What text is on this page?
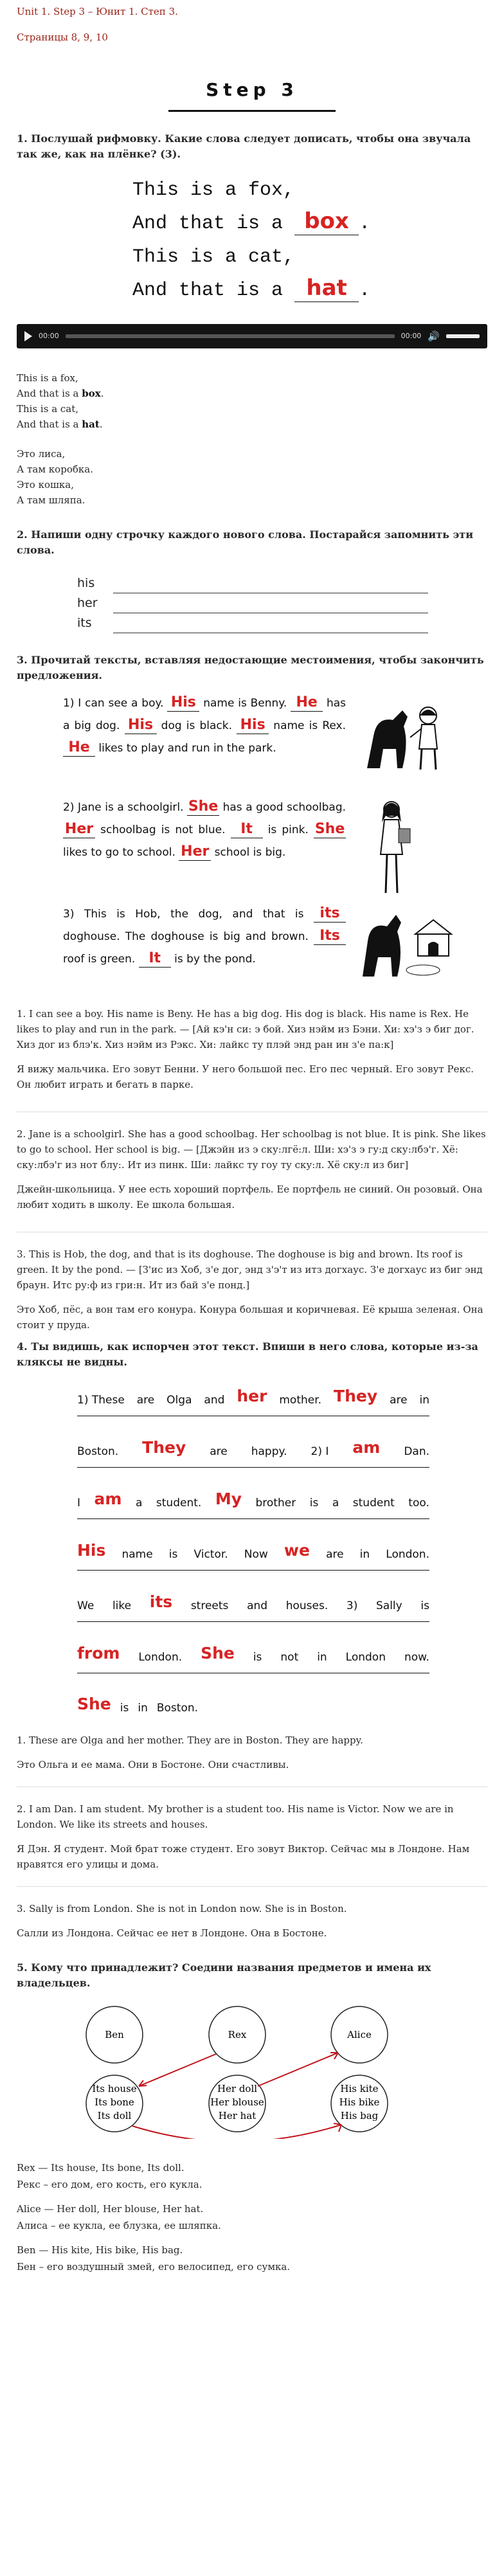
Unit 1. Step 3 – Юнит 1. Степ 3.
Страницы 8, 9, 10
Step 3
1. Послушай рифмовку. Какие слова следует дописать, чтобы она звучала так же, как на плёнке? (3).
This is a fox,
And that is a box .
This is a cat,
And that is a hat .
00:00	00:00 🔊
This is a fox,
And that is a box.
This is a cat,
And that is a hat.
Это лиса,
А там коробка.
Это кошка,
А там шляпа.
2. Напиши одну строчку каждого нового слова. Постарайся запомнить эти слова.
his
her
its
3. Прочитай тексты, вставляя недостающие местоимения, чтобы закончить предложения.
1) I can see a boy. His name is Benny. He has a big dog. His dog is black. His name is Rex. He likes to play and run in the park.
2) Jane is a schoolgirl. She has a good schoolbag. Her schoolbag is not blue. It is pink. She likes to go to school. Her school is big.
3) This is Hob, the dog, and that is its doghouse. The doghouse is big and brown. Its roof is green. It is by the pond.

1. I can see a boy. His name is Beny. He has a big dog. His dog is black. His name is Rex. He likes to play and run in the park. — [Ай кэ'н си: э бой. Хиз нэйм из Бэни. Хи: хэ'з э биг дог. Хиз дог из блэ'к. Хиз нэйм из Рэкс. Хи: лайкс ту плэй энд ран ин з'е па:к]

Я вижу мальчика. Его зовут Бенни. У него большой пес. Его пес черный. Его зовут Рекс. Он любит играть и бегать в парке.

2. Jane is a schoolgirl. She has a good schoolbag. Her schoolbag is not blue. It is pink. She likes to go to school. Her school is big. — [Джэйн из э ску:лгё:л. Ши: хэ'з э гу:д ску:лбэ'г. Хё: ску:лбэ'г из нот блу:. Ит из пинк. Ши: лайкс ту гоу ту ску:л. Хё ску:л из биг]

Джейн-школьница. У нее есть хороший портфель. Ее портфель не синий. Он розовый. Она любит ходить в школу. Ее школа большая.

3. This is Hob, the dog, and that is its doghouse. The doghouse is big and brown. Its roof is green. It by the pond. — [З'ис из Хоб, з'е дог, энд з'э'т из итз догхаус. З'е догхаус из биг энд браун. Итс ру:ф из гри:н. Ит из бай з'е понд.]

Это Хоб, пёс, а вон там его конура. Конура большая и коричневая. Её крыша зеленая. Она стоит у пруда.

4. Ты видишь, как испорчен этот текст. Впиши в него слова, которые из-за кляксы не видны.
1) These are Olga and her mother. They are in
Boston. They are happy. 2) I am Dan.
I am a student. My brother is a student too.
His name is Victor. Now we are in London.
We like its streets and houses. 3) Sally is
from London. She is not in London now.
She is in Boston.

1. These are Olga and her mother. They are in Boston. They are happy.

Это Ольга и ее мама. Они в Бостоне. Они счастливы.

2. I am Dan. I am student. My brother is a student too. His name is Victor. Now we are in London. We like its streets and houses.

Я Дэн. Я студент. Мой брат тоже студент. Его зовут Виктор. Сейчас мы в Лондоне. Нам нравятся его улицы и дома.

3. Sally is from London. She is not in London now. She is in Boston.

Салли из Лондона. Сейчас ее нет в Лондоне. Она в Бостоне.

5. Кому что принадлежит? Соедини названия предметов и имена их владельцев.
Ben	Rex	Alice
Its house
Its bone
Its doll
Her doll
Her blouse
Her hat
His kite
His bike
His bag

Rex — Its house, Its bone, Its doll.

Рекс – его дом, его кость, его кукла.

Alice — Her doll, Her blouse, Her hat.

Алиса – ее кукла, ее блузка, ее шляпка.

Ben — His kite, His bike, His bag.

Бен – его воздушный змей, его велосипед, его сумка.
